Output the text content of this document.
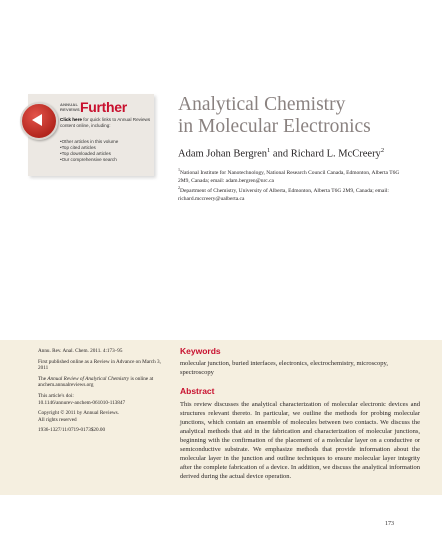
ANNUAL
REVIEWS Further
Click here for quick links to Annual Reviews content online, including:
• Other articles in this volume
• Top cited articles
• Top downloaded articles
• Our comprehensive search
Analytical Chemistry
in Molecular Electronics
Adam Johan Bergren$^1$ and Richard L. McCreery$^2$
$^1$National Institute for Nanotechnology, National Research Council Canada, Edmonton, Alberta T6G 2M9, Canada; email: adam.bergren@nrc.ca
$^2$Department of Chemistry, University of Alberta, Edmonton, Alberta T6G 2M9, Canada; email: richard.mccreery@ualberta.ca

Annu. Rev. Anal. Chem. 2011. 4:173–95

First published online as a Review in Advance on March 3, 2011

The Annual Review of Analytical Chemistry is online at anchem.annualreviews.org

This article's doi:
10.1146/annurev-anchem-061010-113847

Copyright © 2011 by Annual Reviews.
All rights reserved

1936-1327/11/0719-0173$20.00

Keywords
molecular junction, buried interfaces, electronics, electrochemistry, microscopy, spectroscopy
Abstract
This review discusses the analytical characterization of molecular electronic devices and structures relevant thereto. In particular, we outline the methods for probing molecular junctions, which contain an ensemble of molecules between two contacts. We discuss the analytical methods that aid in the fabrication and characterization of molecular junctions, beginning with the confirmation of the placement of a molecular layer on a conductive or semiconductive substrate. We emphasize methods that provide information about the molecular layer in the junction and outline techniques to ensure molecular layer integrity after the complete fabrication of a device. In addition, we discuss the analytical information derived during the actual device operation.
173
